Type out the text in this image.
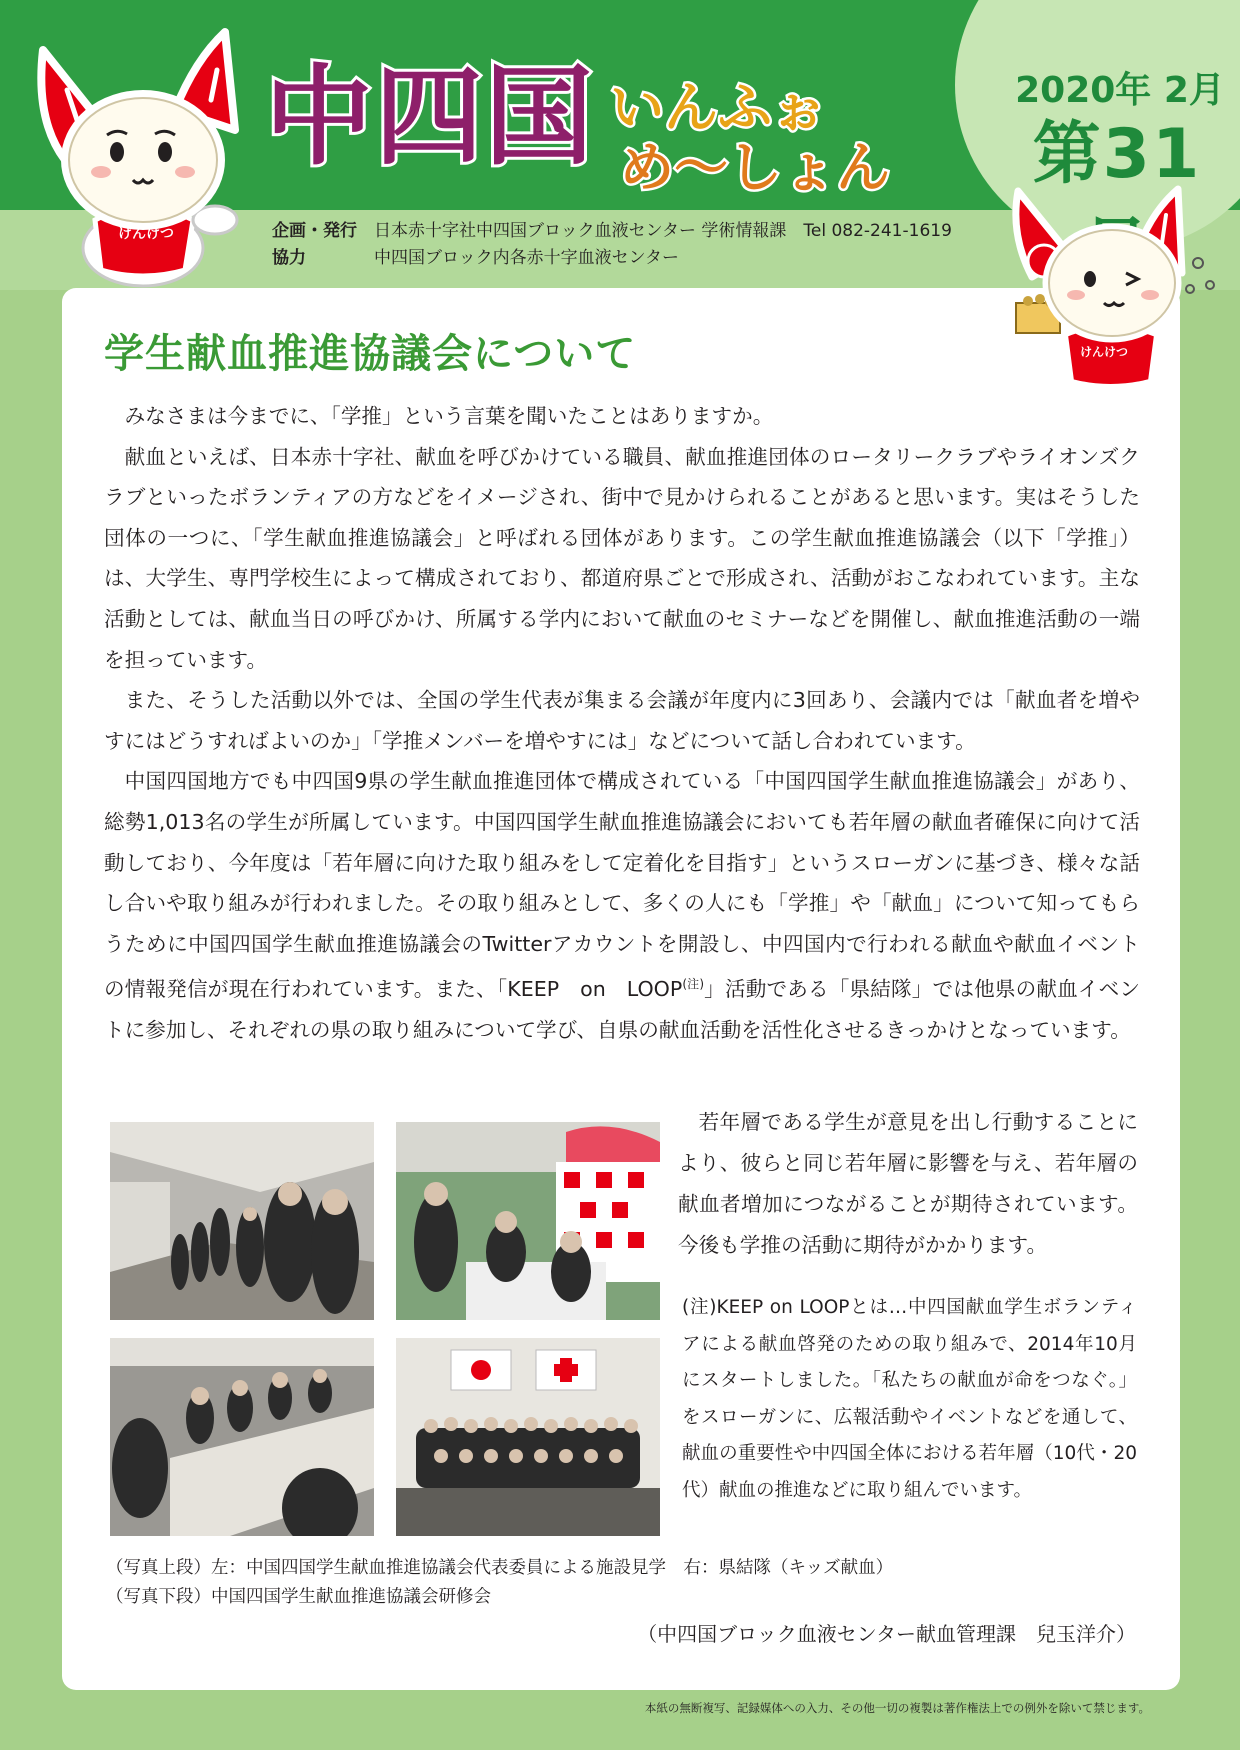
けんけつ
中四国 いんふぉ
め〜しょん
2020年 2月
第31
企画・発行 日本赤十字社中四国ブロック血液センター 学術情報課　Tel 082-241-1619
協力	中四国ブロック内各赤十字血液センター
けんけつ
学生献血推進協議会について

みなさまは今までに、「学推」という言葉を聞いたことはありますか。

献血といえば、日本赤十字社、献血を呼びかけている職員、献血推進団体のロータリークラブやライオンズクラブといったボランティアの方などをイメージされ、街中で見かけられることがあると思います。実はそうした団体の一つに、「学生献血推進協議会」と呼ばれる団体があります。この学生献血推進協議会（以下「学推」）は、大学生、専門学校生によって構成されており、都道府県ごとで形成され、活動がおこなわれています。主な活動としては、献血当日の呼びかけ、所属する学内において献血のセミナーなどを開催し、献血推進活動の一端を担っています。

また、そうした活動以外では、全国の学生代表が集まる会議が年度内に3回あり、会議内では「献血者を増やすにはどうすればよいのか」「学推メンバーを増やすには」などについて話し合われています。

中国四国地方でも中四国9県の学生献血推進団体で構成されている「中国四国学生献血推進協議会」があり、総勢1,013名の学生が所属しています。中国四国学生献血推進協議会においても若年層の献血者確保に向けて活動しており、今年度は「若年層に向けた取り組みをして定着化を目指す」というスローガンに基づき、様々な話し合いや取り組みが行われました。その取り組みとして、多くの人にも「学推」や「献血」について知ってもらうために中国四国学生献血推進協議会のTwitterアカウントを開設し、中四国内で行われる献血や献血イベントの情報発信が現在行われています。また、「KEEP　on　$LOOP^{(注)}$」活動である「県結隊」では他県の献血イベントに参加し、それぞれの県の取り組みについて学び、自県の献血活動を活性化させるきっかけとなっています。

若年層である学生が意見を出し行動することにより、彼らと同じ若年層に影響を与え、若年層の献血者増加につながることが期待されています。今後も学推の活動に期待がかかります。

(注)KEEP on LOOPとは…中四国献血学生ボランティアによる献血啓発のための取り組みで、2014年10月にスタートしました。「私たちの献血が命をつなぐ。」をスローガンに、広報活動やイベントなどを通して、献血の重要性や中四国全体における若年層（10代・20代）献血の推進などに取り組んでいます。
（写真上段）左：中国四国学生献血推進協議会代表委員による施設見学　右：県結隊（キッズ献血）
（写真下段）中国四国学生献血推進協議会研修会
（中四国ブロック血液センター献血管理課　兒玉洋介）
本紙の無断複写、記録媒体への入力、その他一切の複製は著作権法上での例外を除いて禁じます。
